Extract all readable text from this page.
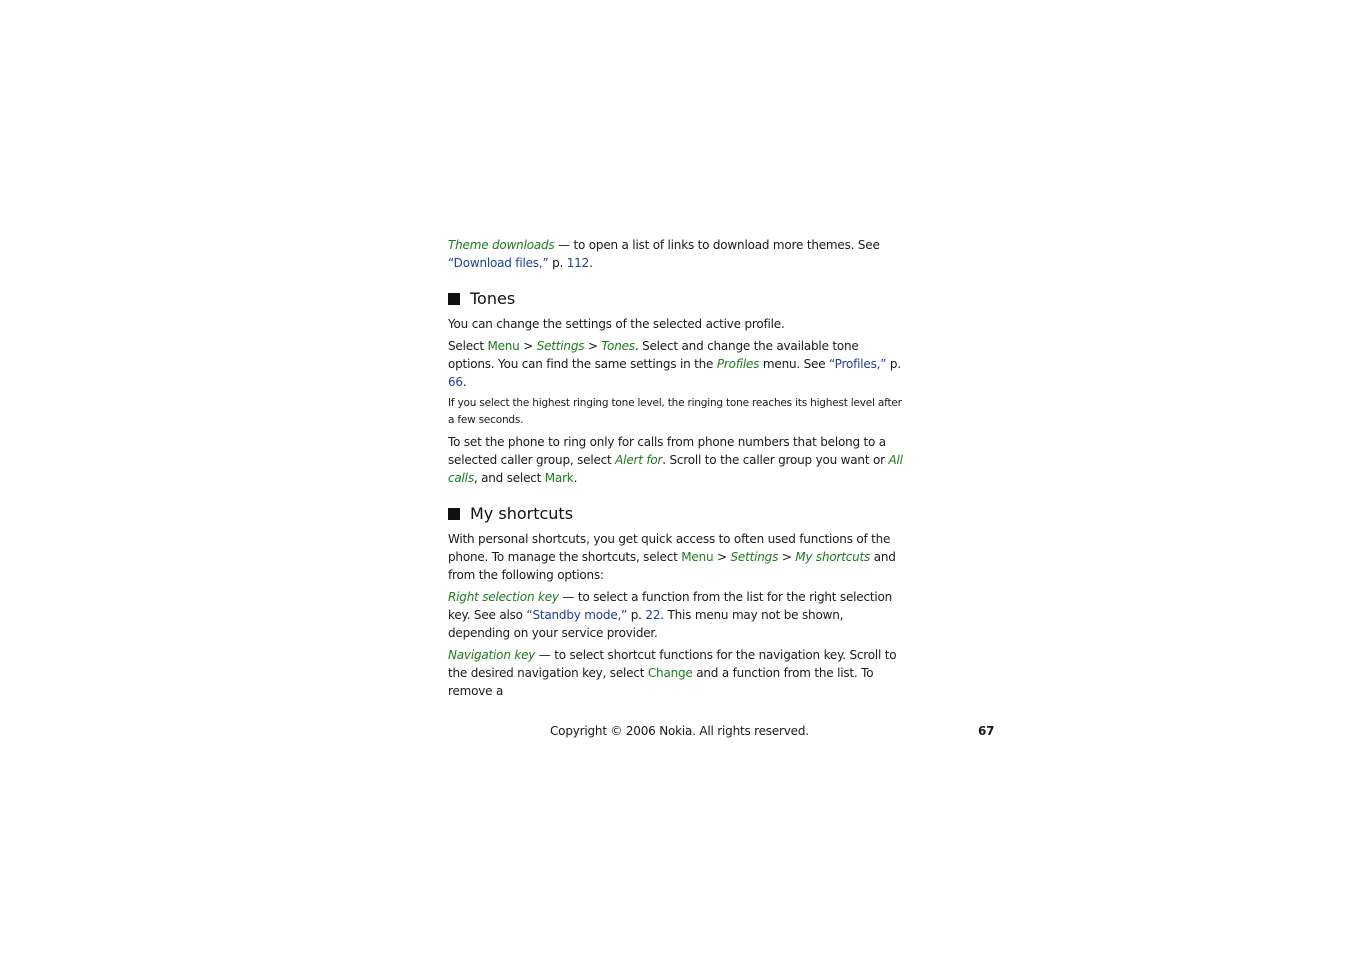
Theme downloads — to open a list of links to download more themes. See
“Download files,” p. 112.

Tones

You can change the settings of the selected active profile.

Select Menu > Settings > Tones. Select and change the available tone options. You can find the same settings in the Profiles menu. See “Profiles,” p. 66.

If you select the highest ringing tone level, the ringing tone reaches its highest level after a few seconds.

To set the phone to ring only for calls from phone numbers that belong to a selected caller group, select Alert for. Scroll to the caller group you want or All calls, and select Mark.

My shortcuts

With personal shortcuts, you get quick access to often used functions of the phone. To manage the shortcuts, select Menu > Settings > My shortcuts and from the following options:

Right selection key — to select a function from the list for the right selection key. See also “Standby mode,” p. 22. This menu may not be shown, depending on your service provider.

Navigation key — to select shortcut functions for the navigation key. Scroll to the desired navigation key, select Change and a function from the list. To remove a

Copyright © 2006 Nokia. All rights reserved.	67
